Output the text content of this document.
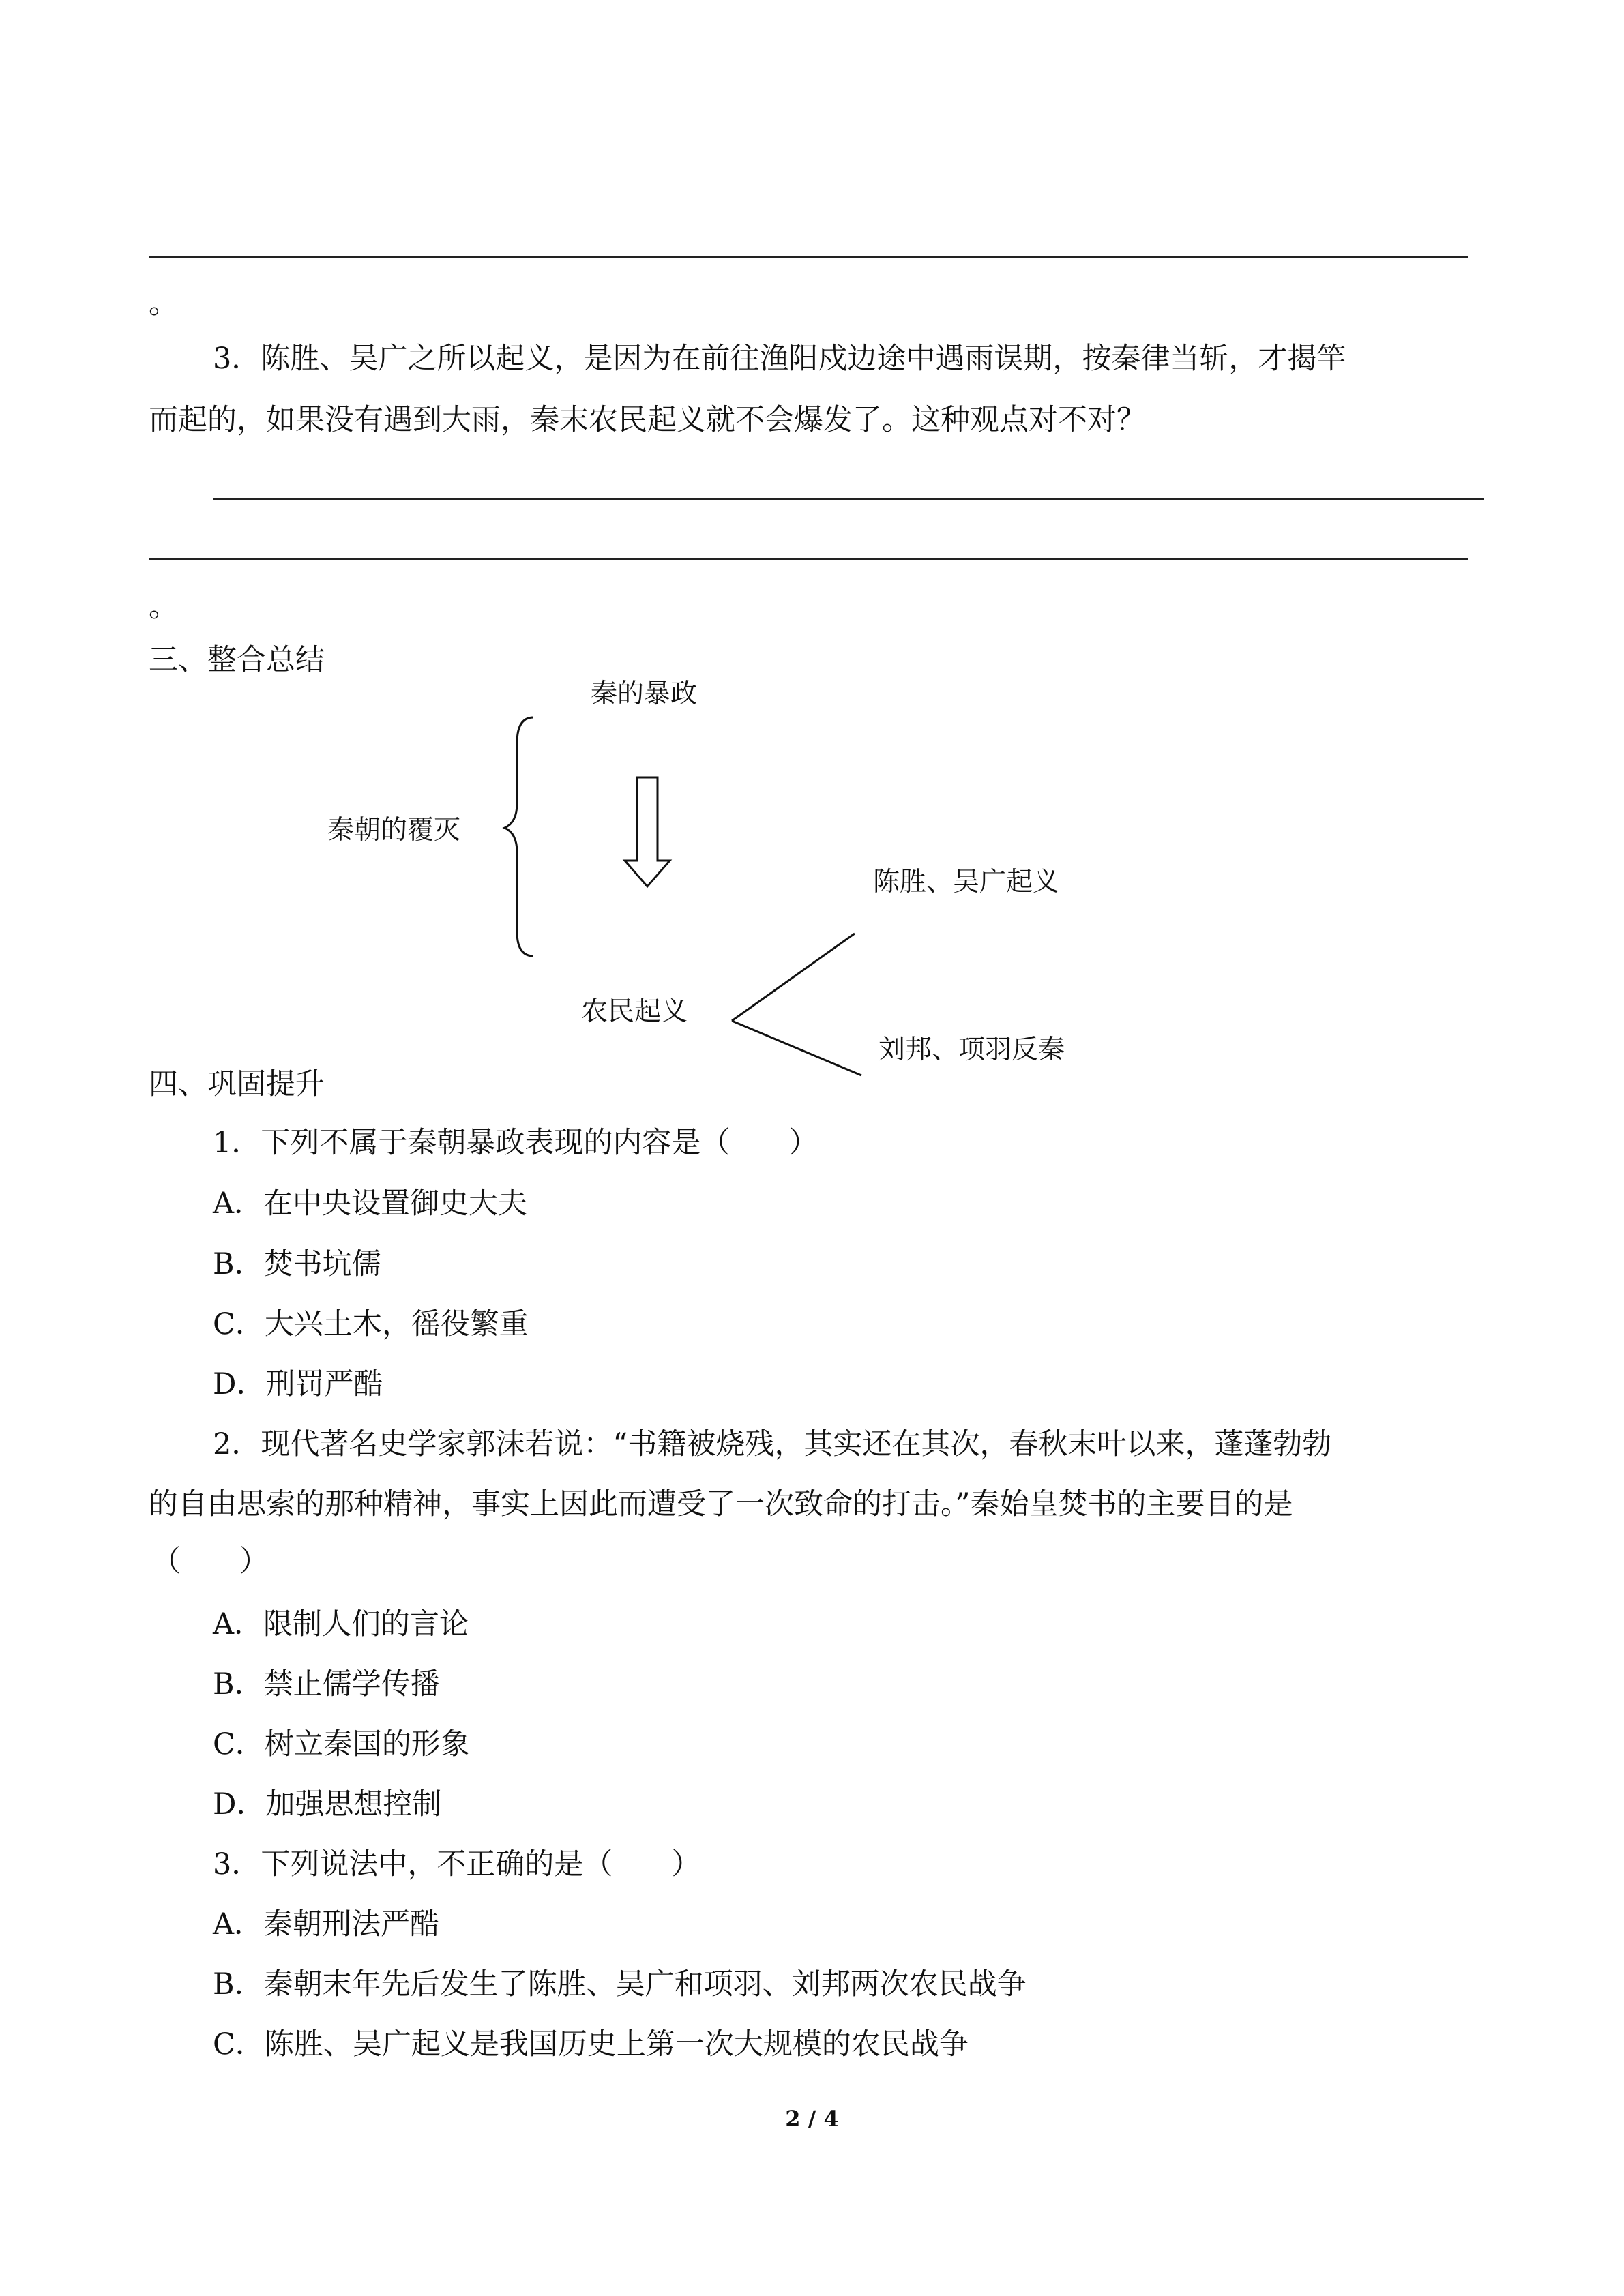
。
3．陈胜、吴广之所以起义，是因为在前往渔阳戍边途中遇雨误期，按秦律当斩，才揭竿
而起的，如果没有遇到大雨，秦末农民起义就不会爆发了。这种观点对不对？
。
三、整合总结
秦的暴政
秦朝的覆灭
农民起义
陈胜、吴广起义
刘邦、项羽反秦
四、巩固提升
1．下列不属于秦朝暴政表现的内容是（　　）
A．在中央设置御史大夫
B．焚书坑儒
C．大兴土木，徭役繁重
D．刑罚严酷
2．现代著名史学家郭沫若说：“书籍被烧残，其实还在其次，春秋末叶以来，蓬蓬勃勃
的自由思索的那种精神，事实上因此而遭受了一次致命的打击。”秦始皇焚书的主要目的是
（　　）
A．限制人们的言论
B．禁止儒学传播
C．树立秦国的形象
D．加强思想控制
3．下列说法中，不正确的是（　　）
A．秦朝刑法严酷
B．秦朝末年先后发生了陈胜、吴广和项羽、刘邦两次农民战争
C．陈胜、吴广起义是我国历史上第一次大规模的农民战争
2 / 4
